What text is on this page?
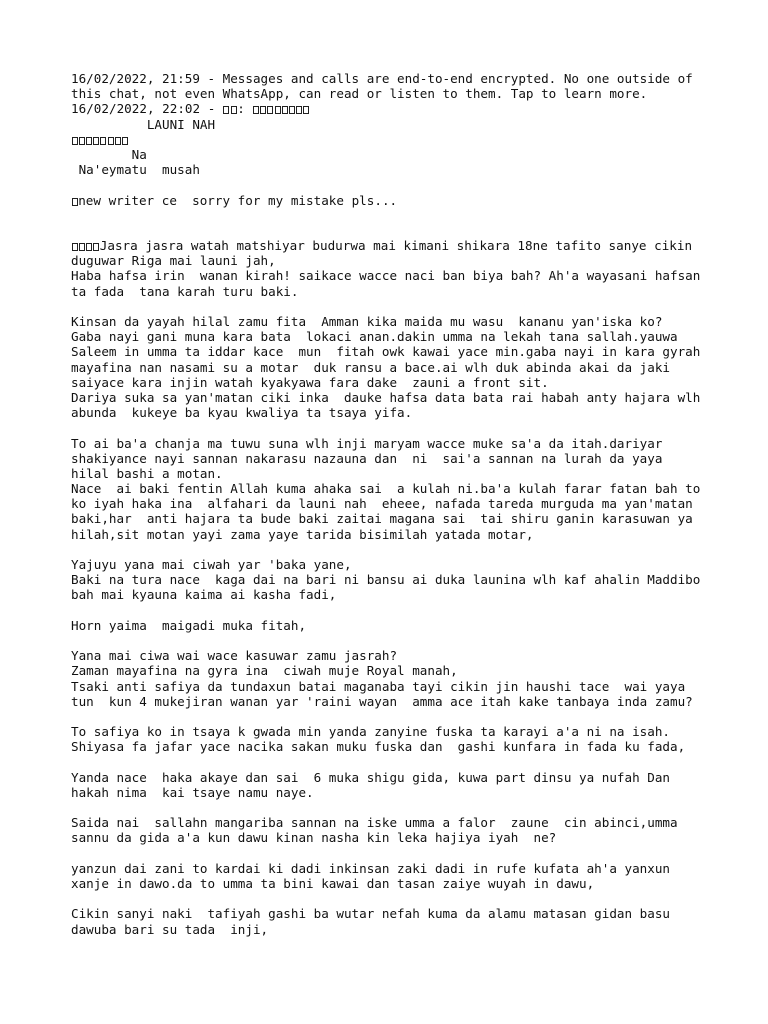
16/02/2022, 21:59 - Messages and calls are end-to-end encrypted. No one outside of
this chat, not even WhatsApp, can read or listen to them. Tap to learn more.
16/02/2022, 22:02 - :
LAUNI NAH
Na
Na'eymatu  musah
new writer ce sorry for my mistake pls...
Jasra jasra watah matshiyar budurwa mai kimani shikara 18ne tafito sanye cikin
duguwar Riga mai launi jah,
Haba hafsa irin  wanan kirah! saikace wacce naci ban biya bah? Ah'a wayasani hafsan
ta fada  tana karah turu baki.
Kinsan da yayah hilal zamu fita  Amman kika maida mu wasu  kananu yan'iska ko?
Gaba nayi gani muna kara bata  lokaci anan.dakin umma na lekah tana sallah.yauwa
Saleem in umma ta iddar kace  mun  fitah owk kawai yace min.gaba nayi in kara gyrah
mayafina nan nasami su a motar  duk ransu a bace.ai wlh duk abinda akai da jaki
saiyace kara injin watah kyakyawa fara dake  zauni a front sit.
Dariya suka sa yan'matan ciki inka  dauke hafsa data bata rai habah anty hajara wlh
abunda  kukeye ba kyau kwaliya ta tsaya yifa.
To ai ba'a chanja ma tuwu suna wlh inji maryam wacce muke sa'a da itah.dariyar
shakiyance nayi sannan nakarasu nazauna dan  ni  sai'a sannan na lurah da yaya
hilal bashi a motan.
Nace  ai baki fentin Allah kuma ahaka sai  a kulah ni.ba'a kulah farar fatan bah to
ko iyah haka ina  alfahari da launi nah  eheee, nafada tareda murguda ma yan'matan
baki,har  anti hajara ta bude baki zaitai magana sai  tai shiru ganin karasuwan ya
hilah,sit motan yayi zama yaye tarida bisimilah yatada motar,
Yajuyu yana mai ciwah yar 'baka yane,
Baki na tura nace  kaga dai na bari ni bansu ai duka launina wlh kaf ahalin Maddibo
bah mai kyauna kaima ai kasha fadi,
Horn yaima  maigadi muka fitah,
Yana mai ciwa wai wace kasuwar zamu jasrah?
Zaman mayafina na gyra ina  ciwah muje Royal manah,
Tsaki anti safiya da tundaxun batai maganaba tayi cikin jin haushi tace  wai yaya
tun  kun 4 mukejiran wanan yar 'raini wayan  amma ace itah kake tanbaya inda zamu?
To safiya ko in tsaya k gwada min yanda zanyine fuska ta karayi a'a ni na isah.
Shiyasa fa jafar yace nacika sakan muku fuska dan  gashi kunfara in fada ku fada,
Yanda nace  haka akaye dan sai  6 muka shigu gida, kuwa part dinsu ya nufah Dan
hakah nima  kai tsaye namu naye.
Saida nai  sallahn mangariba sannan na iske umma a falor  zaune  cin abinci,umma
sannu da gida a'a kun dawu kinan nasha kin leka hajiya iyah  ne?
yanzun dai zani to kardai ki dadi inkinsan zaki dadi in rufe kufata ah'a yanxun
xanje in dawo.da to umma ta bini kawai dan tasan zaiye wuyah in dawu,
Cikin sanyi naki  tafiyah gashi ba wutar nefah kuma da alamu matasan gidan basu
dawuba bari su tada  inji,
